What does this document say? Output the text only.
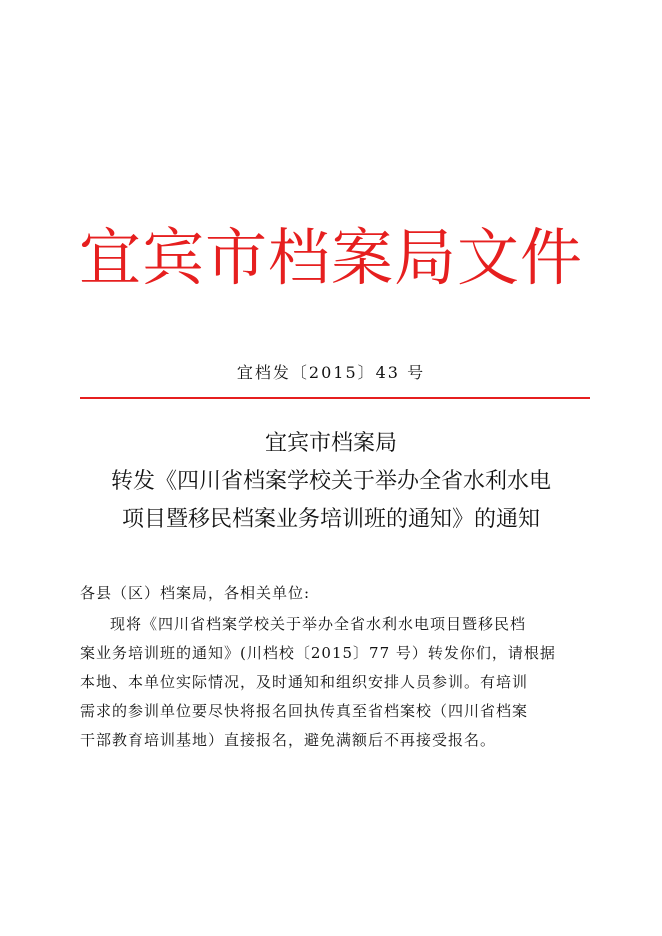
宜宾市档案局文件
宜档发〔2015〕43 号
宜宾市档案局
转发《四川省档案学校关于举办全省水利水电
项目暨移民档案业务培训班的通知》的通知
各县（区）档案局，各相关单位:
现将《四川省档案学校关于举办全省水利水电项目暨移民档
案业务培训班的通知》(川档校〔2015〕77 号）转发你们，请根据
本地、本单位实际情况，及时通知和组织安排人员参训。有培训
需求的参训单位要尽快将报名回执传真至省档案校（四川省档案
干部教育培训基地）直接报名，避免满额后不再接受报名。
